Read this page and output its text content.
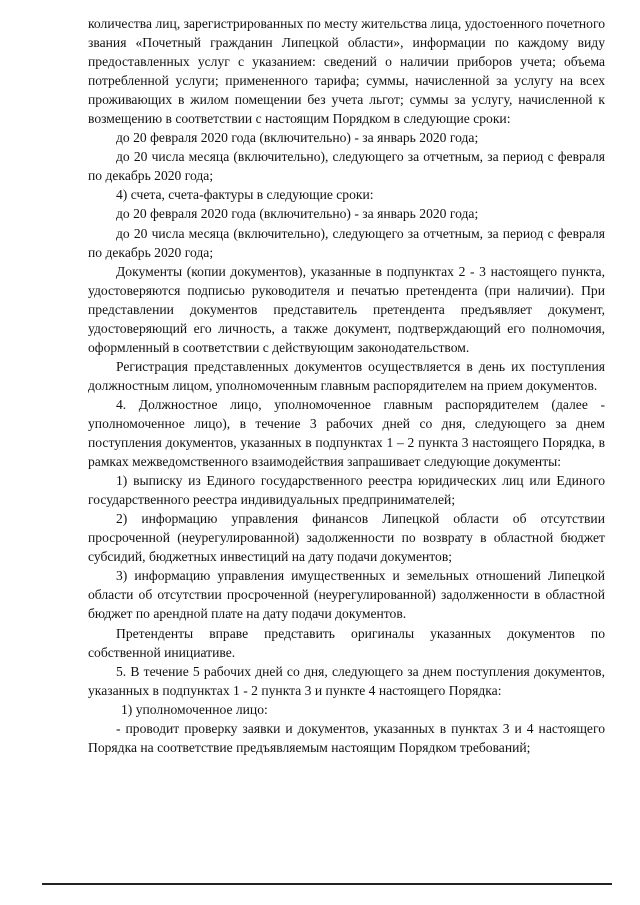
количества лиц, зарегистрированных по месту жительства лица, удостоенного почетного звания «Почетный гражданин Липецкой области», информации по каждому виду предоставленных услуг с указанием: сведений о наличии приборов учета; объема потребленной услуги; примененного тарифа; суммы, начисленной за услугу на всех проживающих в жилом помещении без учета льгот; суммы за услугу, начисленной к возмещению в соответствии с настоящим Порядком в следующие сроки:

до 20 февраля 2020 года (включительно) - за январь 2020 года;

до 20 числа месяца (включительно), следующего за отчетным, за период с февраля по декабрь 2020 года;

4) счета, счета-фактуры в следующие сроки:

до 20 февраля 2020 года (включительно) - за январь 2020 года;

до 20 числа месяца (включительно), следующего за отчетным, за период с февраля по декабрь 2020 года;

Документы (копии документов), указанные в подпунктах 2 - 3 настоящего пункта, удостоверяются подписью руководителя и печатью претендента (при наличии). При представлении документов представитель претендента предъявляет документ, удостоверяющий его личность, а также документ, подтверждающий его полномочия, оформленный в соответствии с действующим законодательством.

Регистрация представленных документов осуществляется в день их поступления должностным лицом, уполномоченным главным распорядителем на прием документов.

4. Должностное лицо, уполномоченное главным распорядителем (далее - уполномоченное лицо), в течение 3 рабочих дней со дня, следующего за днем поступления документов, указанных в подпунктах 1 – 2 пункта 3 настоящего Порядка, в рамках межведомственного взаимодействия запрашивает следующие документы:

1) выписку из Единого государственного реестра юридических лиц или Единого государственного реестра индивидуальных предпринимателей;

2) информацию управления финансов Липецкой области об отсутствии просроченной (неурегулированной) задолженности по возврату в областной бюджет субсидий, бюджетных инвестиций на дату подачи документов;

3) информацию управления имущественных и земельных отношений Липецкой области об отсутствии просроченной (неурегулированной) задолженности в областной бюджет по арендной плате на дату подачи документов.

Претенденты вправе представить оригиналы указанных документов по собственной инициативе.

5. В течение 5 рабочих дней со дня, следующего за днем поступления документов, указанных в подпунктах 1 - 2 пункта 3 и пункте 4 настоящего Порядка:

1) уполномоченное лицо:

- проводит проверку заявки и документов, указанных в пунктах 3 и 4 настоящего Порядка на соответствие предъявляемым настоящим Порядком требований;
